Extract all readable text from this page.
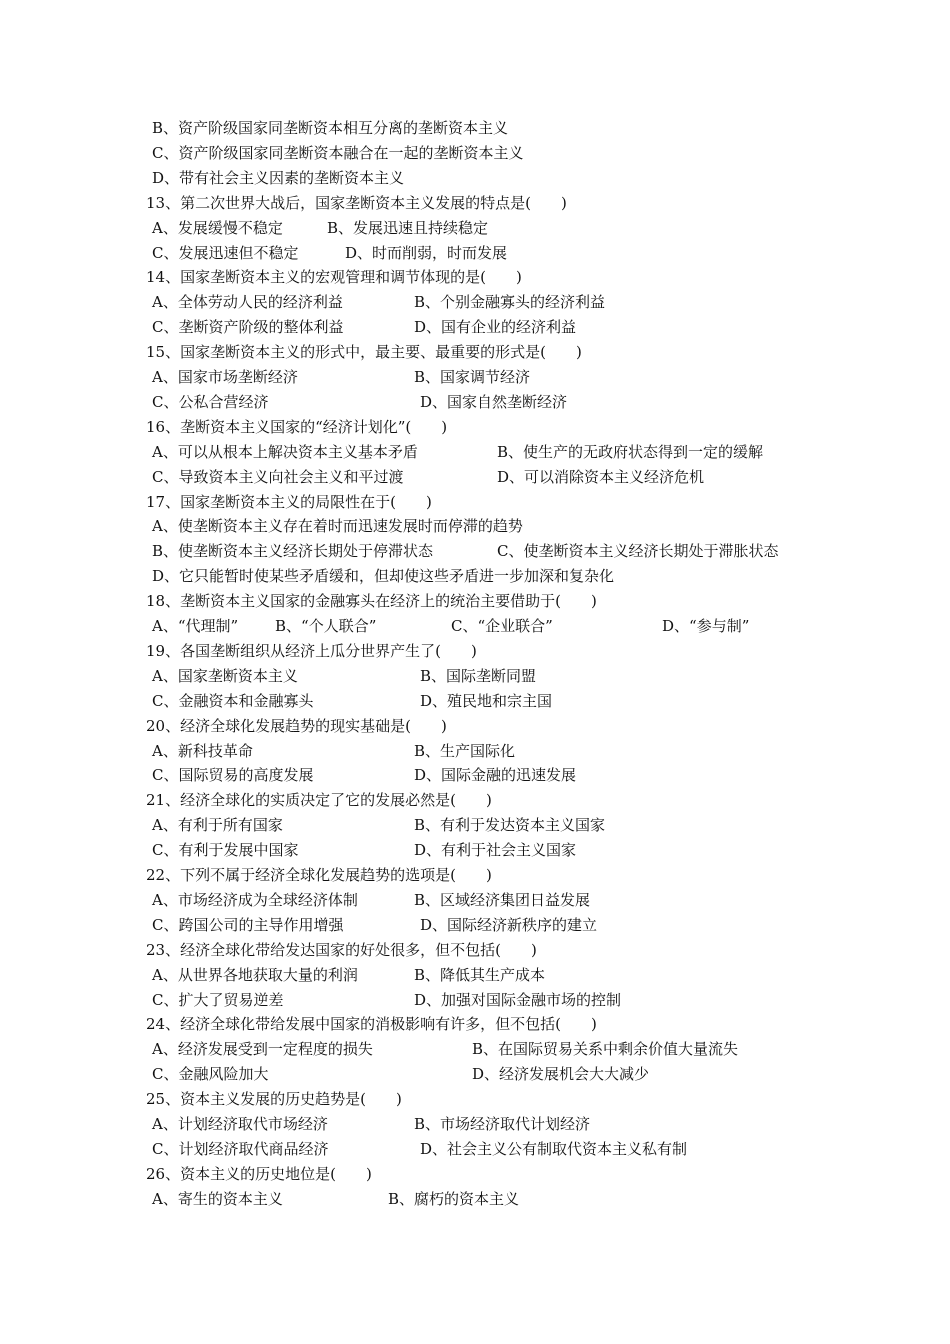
B、资产阶级国家同垄断资本相互分离的垄断资本主义
C、资产阶级国家同垄断资本融合在一起的垄断资本主义
D、带有社会主义因素的垄断资本主义
13、第二次世界大战后，国家垄断资本主义发展的特点是(　　)
A、发展缓慢不稳定	B、发展迅速且持续稳定
C、发展迅速但不稳定	D、时而削弱，时而发展
14、国家垄断资本主义的宏观管理和调节体现的是(　　)
A、全体劳动人民的经济利益	B、个别金融寡头的经济利益
C、垄断资产阶级的整体利益	D、国有企业的经济利益
15、国家垄断资本主义的形式中，最主要、最重要的形式是(　　)
A、国家市场垄断经济	B、国家调节经济
C、公私合营经济	D、国家自然垄断经济
16、垄断资本主义国家的“经济计划化”(　　)
A、可以从根本上解决资本主义基本矛盾	B、使生产的无政府状态得到一定的缓解
C、导致资本主义向社会主义和平过渡	D、可以消除资本主义经济危机
17、国家垄断资本主义的局限性在于(　　)
A、使垄断资本主义存在着时而迅速发展时而停滞的趋势
B、使垄断资本主义经济长期处于停滞状态	C、使垄断资本主义经济长期处于滞胀状态
D、它只能暂时使某些矛盾缓和，但却使这些矛盾进一步加深和复杂化
18、垄断资本主义国家的金融寡头在经济上的统治主要借助于(　　)
A、“代理制” B、“个人联合”	C、“企业联合”	D、“参与制”
19、各国垄断组织从经济上瓜分世界产生了(　　)
A、国家垄断资本主义	B、国际垄断同盟
C、金融资本和金融寡头	D、殖民地和宗主国
20、经济全球化发展趋势的现实基础是(　　)
A、新科技革命	B、生产国际化
C、国际贸易的高度发展	D、国际金融的迅速发展
21、经济全球化的实质决定了它的发展必然是(　　)
A、有利于所有国家	B、有利于发达资本主义国家
C、有利于发展中国家	D、有利于社会主义国家
22、下列不属于经济全球化发展趋势的选项是(　　)
A、市场经济成为全球经济体制	B、区域经济集团日益发展
C、跨国公司的主导作用增强	D、国际经济新秩序的建立
23、经济全球化带给发达国家的好处很多，但不包括(　　)
A、从世界各地获取大量的利润	B、降低其生产成本
C、扩大了贸易逆差	D、加强对国际金融市场的控制
24、经济全球化带给发展中国家的消极影响有许多，但不包括(　　)
A、经济发展受到一定程度的损失	B、在国际贸易关系中剩余价值大量流失
C、金融风险加大	D、经济发展机会大大减少
25、资本主义发展的历史趋势是(　　)
A、计划经济取代市场经济	B、市场经济取代计划经济
C、计划经济取代商品经济	D、社会主义公有制取代资本主义私有制
26、资本主义的历史地位是(　　)
A、寄生的资本主义	B、腐朽的资本主义
